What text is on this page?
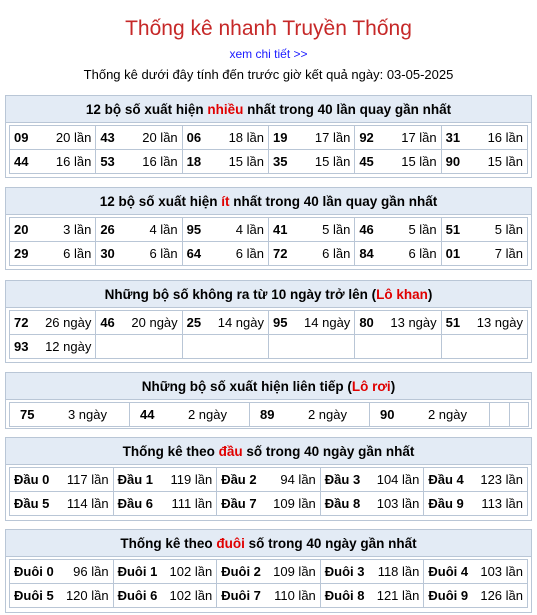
Thống kê nhanh Truyền Thống
xem chi tiết >>
Thống kê dưới đây tính đến trước giờ kết quả ngày: 03-05-2025
12 bộ số xuất hiện nhiều nhất trong 40 lần quay gần nhất
09 20 lần	43 20 lần	06 18 lần	19 17 lần	92 17 lần	31 16 lần

44 16 lần	53 16 lần	18 15 lần	35 15 lần	45 15 lần	90 15 lần
12 bộ số xuất hiện ít nhất trong 40 lần quay gần nhất
20 3 lần	26 4 lần	95 4 lần	41 5 lần	46 5 lần	51 5 lần

29 6 lần	30 6 lần	64 6 lần	72 6 lần	84 6 lần	01 7 lần
Những bộ số không ra từ 10 ngày trở lên (Lô khan)
72 26 ngày	46 20 ngày	25 14 ngày	95 14 ngày	80 13 ngày	51 13 ngày

93 12 ngày					

Những bộ số xuất hiện liên tiếp (Lô rơi)
75	3 ngày	44	2 ngày	89	2 ngày	90	2 ngày

Thống kê theo đầu số trong 40 ngày gần nhất
Đầu 0 117 lần	Đầu 1 119 lần	Đầu 2 94 lần	Đầu 3 104 lần	Đầu 4 123 lần

Đầu 5 114 lần	Đầu 6 111 lần	Đầu 7 109 lần	Đầu 8 103 lần	Đầu 9 113 lần
Thống kê theo đuôi số trong 40 ngày gần nhất
Đuôi 0 96 lần	Đuôi 1 102 lần	Đuôi 2 109 lần	Đuôi 3 118 lần	Đuôi 4 103 lần

Đuôi 5 120 lần	Đuôi 6 102 lần	Đuôi 7 110 lần	Đuôi 8 121 lần	Đuôi 9 126 lần
